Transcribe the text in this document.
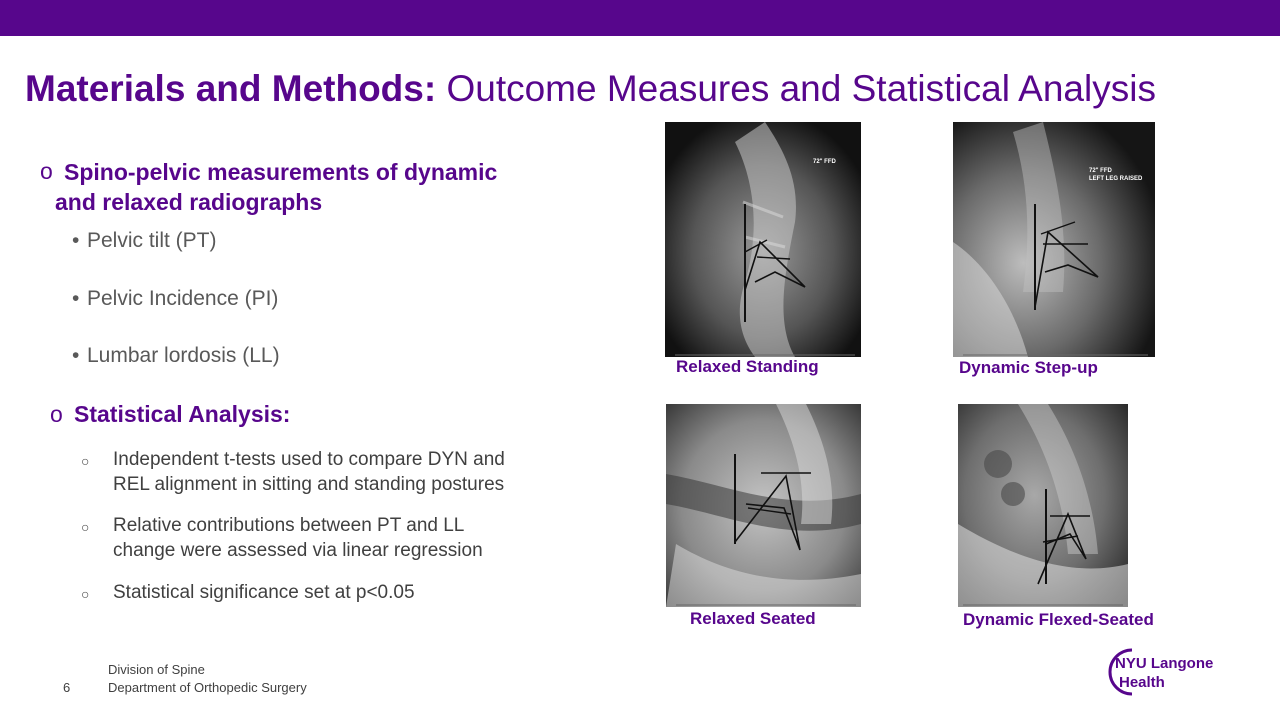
Materials and Methods: Outcome Measures and Statistical Analysis
o Spino-pelvic measurements of dynamic
and relaxed radiographs
• Pelvic tilt (PT)
• Pelvic Incidence (PI)
• Lumbar lordosis (LL)
o Statistical Analysis:
○ Independent t-tests used to compare DYN and
REL alignment in sitting and standing postures
○ Relative contributions between PT and LL
change were assessed via linear regression
○ Statistical significance set at p<0.05
72" FFD
Relaxed Standing
72" FFD
LEFT LEG RAISED
Dynamic Step-up
Relaxed Seated	Dynamic Flexed-Seated
6
Division of Spine
Department of Orthopedic Surgery
NYU Langone
Health
